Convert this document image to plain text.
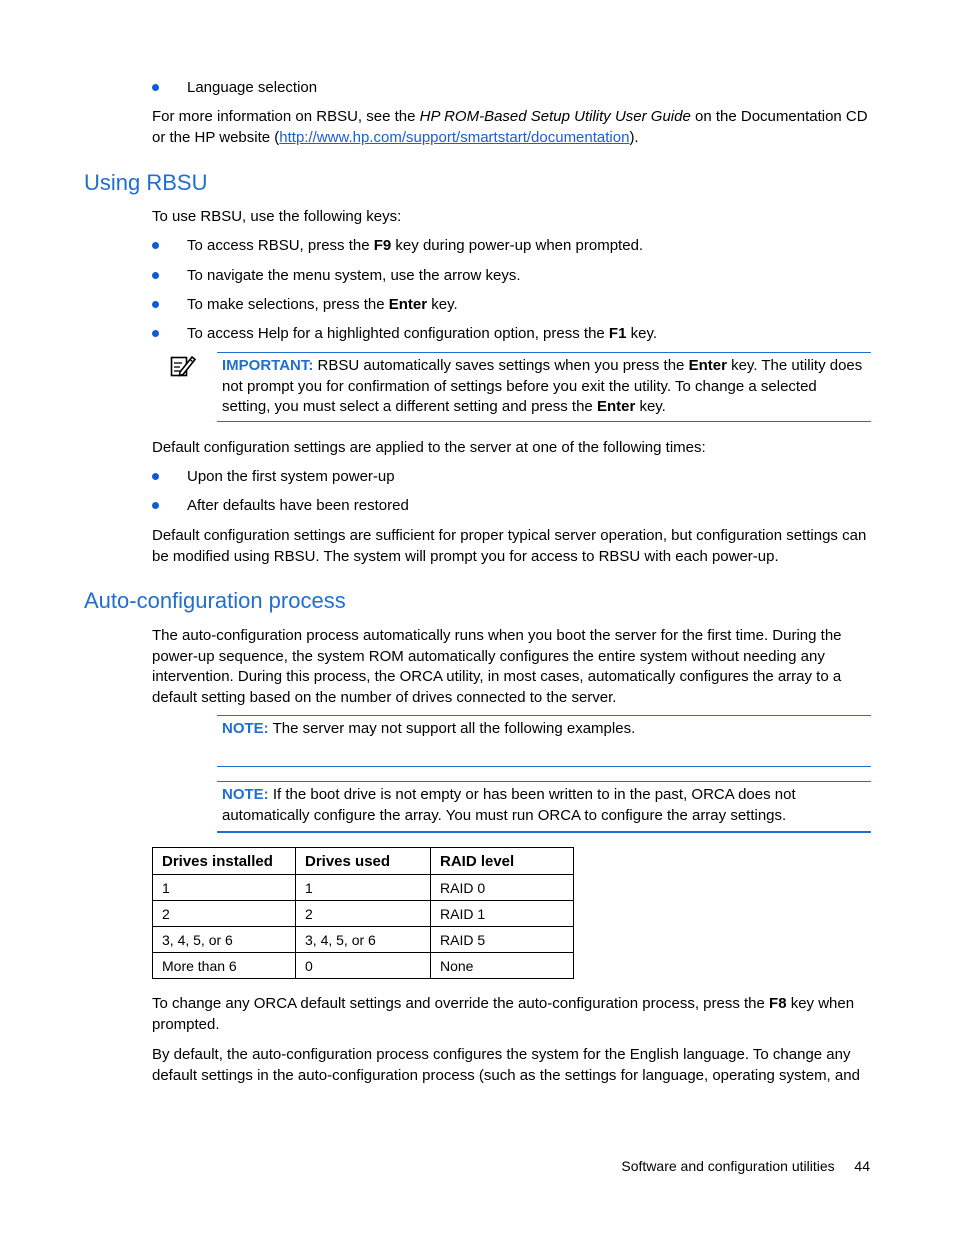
Language selection

For more information on RBSU, see the HP ROM-Based Setup Utility User Guide on the Documentation CD or the HP website (http://www.hp.com/support/smartstart/documentation).

Using RBSU

To use RBSU, use the following keys:

To access RBSU, press the F9 key during power-up when prompted.
To navigate the menu system, use the arrow keys.
To make selections, press the Enter key.
To access Help for a highlighted configuration option, press the F1 key.

IMPORTANT: RBSU automatically saves settings when you press the Enter key. The utility does not prompt you for confirmation of settings before you exit the utility. To change a selected setting, you must select a different setting and press the Enter key.

Default configuration settings are applied to the server at one of the following times:

Upon the first system power-up
After defaults have been restored

Default configuration settings are sufficient for proper typical server operation, but configuration settings can be modified using RBSU. The system will prompt you for access to RBSU with each power-up.

Auto-configuration process

The auto-configuration process automatically runs when you boot the server for the first time. During the power-up sequence, the system ROM automatically configures the entire system without needing any intervention. During this process, the ORCA utility, in most cases, automatically configures the array to a default setting based on the number of drives connected to the server.

NOTE: The server may not support all the following examples.

NOTE: If the boot drive is not empty or has been written to in the past, ORCA does not automatically configure the array. You must run ORCA to configure the array settings.

Drives installed	Drives used	RAID level
1	1	RAID 0
2	2	RAID 1
3, 4, 5, or 6	3, 4, 5, or 6	RAID 5
More than 6	0	None

To change any ORCA default settings and override the auto-configuration process, press the F8 key when prompted.

By default, the auto-configuration process configures the system for the English language. To change any default settings in the auto-configuration process (such as the settings for language, operating system, and

Software and configuration utilities 44
